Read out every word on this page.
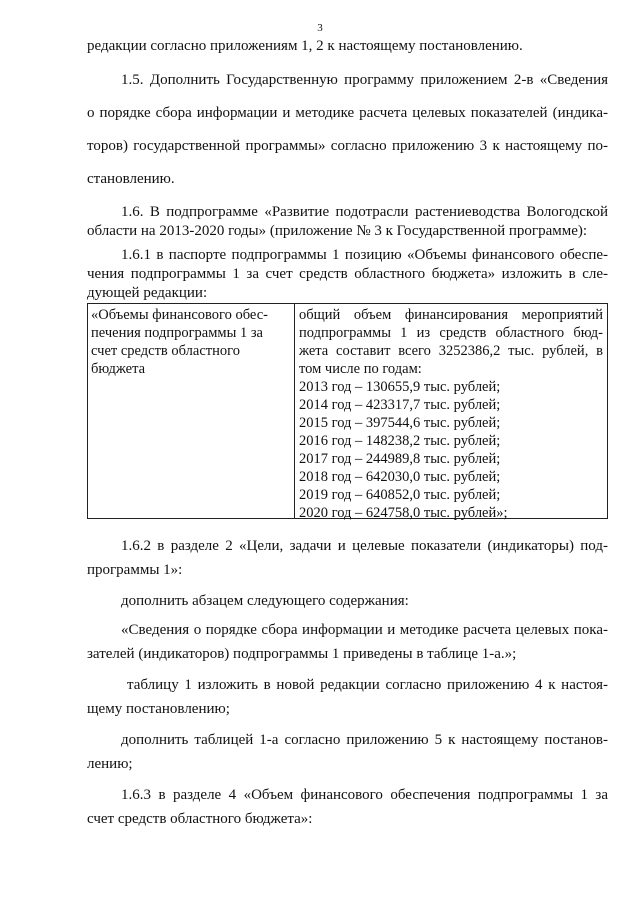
3
редакции согласно приложениям 1, 2 к настоящему постановлению.
1.5. Дополнить Государственную программу приложением 2-в «Сведения
о порядке сбора информации и методике расчета целевых показателей (индика-
торов) государственной программы» согласно приложению 3 к настоящему по-
становлению.
1.6. В подпрограмме «Развитие подотрасли растениеводства Вологодской
области на 2013-2020 годы» (приложение № 3 к Государственной программе):
1.6.1 в паспорте подпрограммы 1 позицию «Объемы финансового обеспе-
чения подпрограммы 1 за счет средств областного бюджета» изложить в сле-
дующей редакции:
«Объемы финансового обес-
печения подпрограммы 1 за
счет средств областного
бюджета
общий объем финансирования мероприятий
подпрограммы 1 из средств областного бюд-
жета составит всего 3252386,2 тыс. рублей, в
том числе по годам:
2013 год – 130655,9 тыс. рублей;
2014 год – 423317,7 тыс. рублей;
2015 год – 397544,6 тыс. рублей;
2016 год – 148238,2 тыс. рублей;
2017 год – 244989,8 тыс. рублей;
2018 год – 642030,0 тыс. рублей;
2019 год – 640852,0 тыс. рублей;
2020 год – 624758,0 тыс. рублей»;
1.6.2 в разделе 2 «Цели, задачи и целевые показатели (индикаторы) под-
программы 1»:
дополнить абзацем следующего содержания:
«Сведения о порядке сбора информации и методике расчета целевых пока-
зателей (индикаторов) подпрограммы 1 приведены в таблице 1-а.»;
таблицу 1 изложить в новой редакции согласно приложению 4 к настоя-
щему постановлению;
дополнить таблицей 1-а согласно приложению 5 к настоящему постанов-
лению;
1.6.3 в разделе 4 «Объем финансового обеспечения подпрограммы 1 за
счет средств областного бюджета»:
